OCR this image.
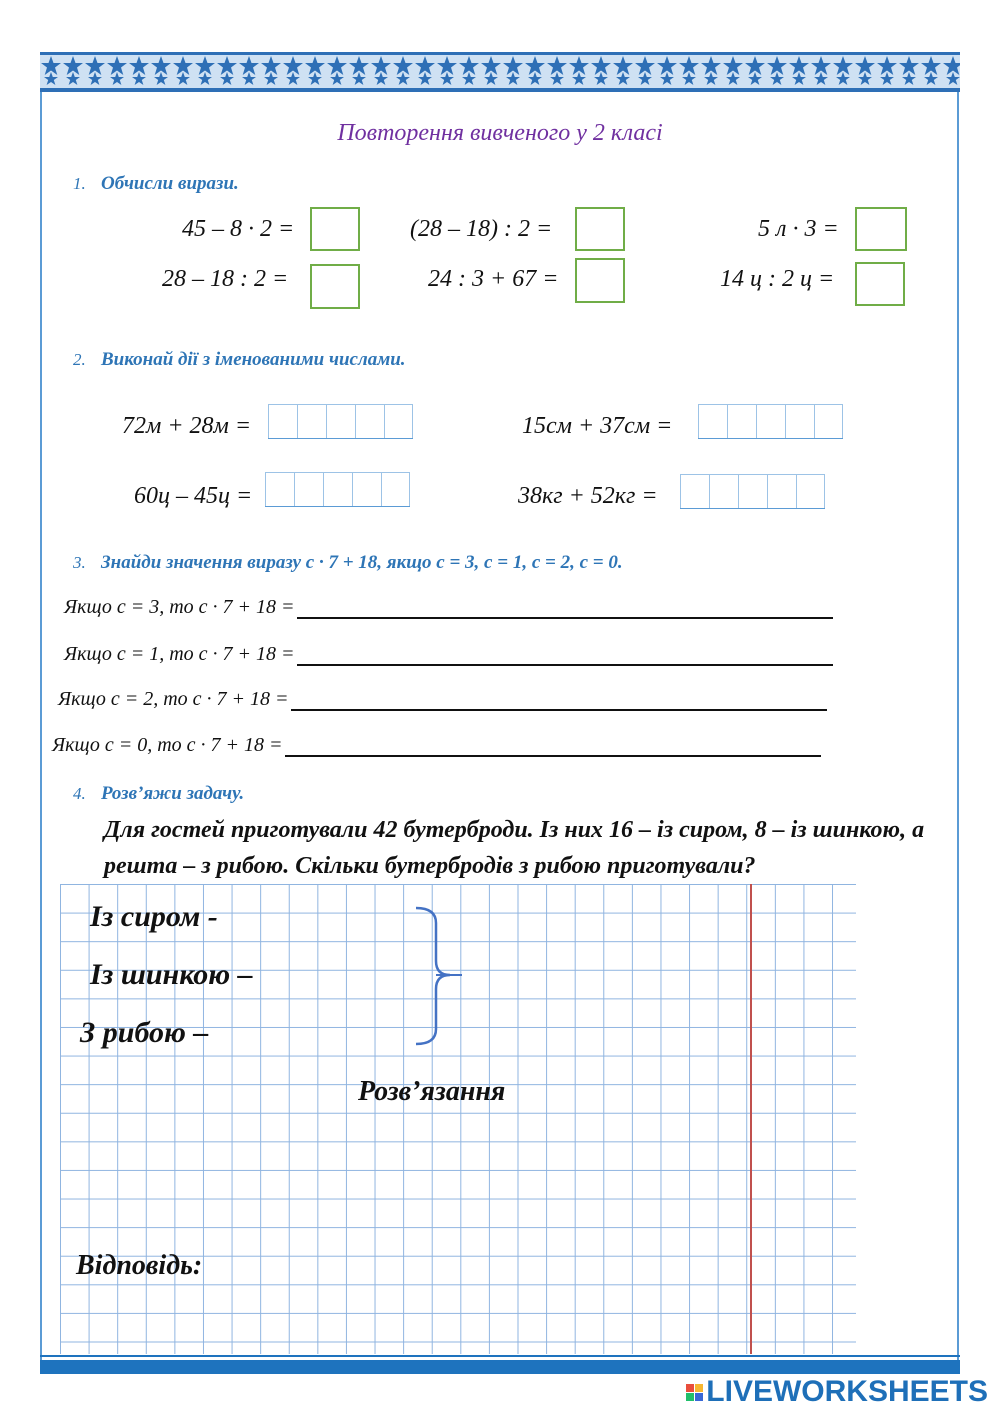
Повторення вивченого у 2 класі
1. Обчисли вирази.
45 – 8 · 2 =	(28 – 18) : 2 =	5 л · 3 =
28 – 18 : 2 =	24 : 3 + 67 =	14 ц : 2 ц =
2. Виконай дії з іменованими числами.
72м + 28м =	15см + 37см =
60ц – 45ц =	38кг + 52кг =
3. Знайди значення виразу с · 7 + 18, якщо с = 3, с = 1, с = 2, с = 0.
Якщо с = 3, то с · 7 + 18 =
Якщо с = 1, то с · 7 + 18 =
Якщо с = 2, то с · 7 + 18 =
Якщо с = 0, то с · 7 + 18 =
4. Розв’яжи задачу.
Для гостей приготували 42 бутерброди. Із них 16 – із сиром, 8 – із шинкою, а решта – з рибою. Скільки бутербродів з рибою приготували?
Із сиром -
Із шинкою –
З рибою –
Розв’язання
Відповідь:
LIVEWORKSHEETS
